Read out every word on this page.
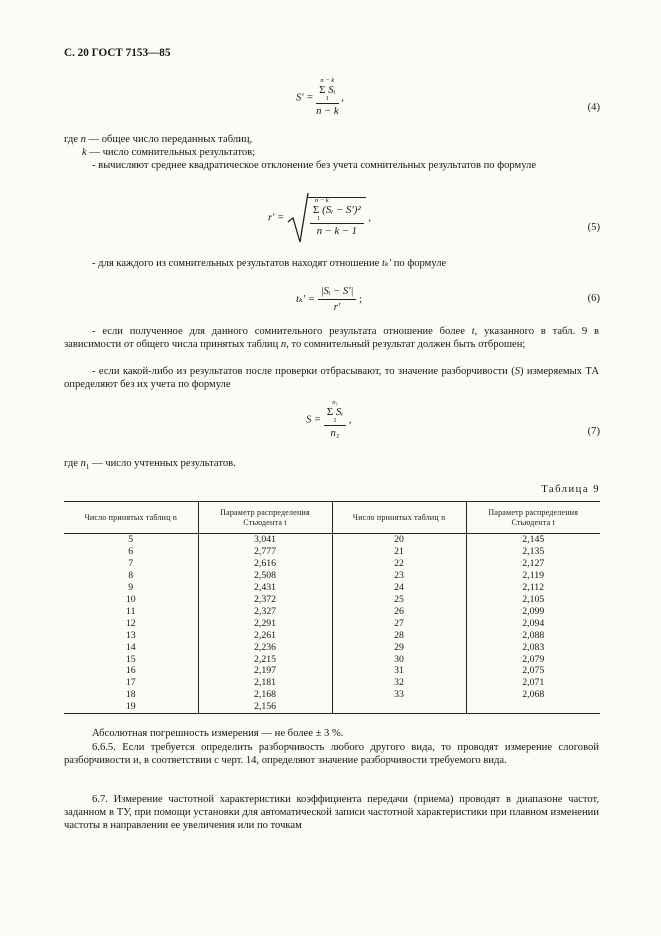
С. 20 ГОСТ 7153—85
S′ = n − k
Σ Sᵢ
1
n − k ,
(4)
где n — общее число переданных таблиц,
k — число сомнительных результатов;
- вычисляют среднее квадратическое отклонение без учета сомнительных результатов по формуле
r′ =	n − k
Σ (Sᵢ − S′)²
1
n − k − 1 ,
(5)
- для каждого из сомнительных результатов находят отношение tₖ′ по формуле
$t_k' = \frac{\text{|Sᵢ − S′|}}{r'}$ ;	(6)
- если полученное для данного сомнительного результата отношение более t, указанного в табл. 9 в зависимости от общего числа принятых таблиц n, то сомнительный результат должен быть отброшен;
- если какой-либо из результатов после проверки отбрасывают, то значение разборчивости (S) измеряемых ТА определяют без их учета по формуле
S = n₁
Σ Sᵢ
1
n₁ ,
(7)
где $n_1$ — число учтенных результатов.
Таблица 9
Число принятых таблиц n	Параметр распределения Стьюдента t	Число принятых таблиц n	Параметр распределения Стьюдента t
5	3,041	20	2,145
6	2,777	21	2,135
7	2,616	22	2,127
8	2,508	23	2,119
9	2,431	24	2,112
10	2,372	25	2,105
11	2,327	26	2,099
12	2,291	27	2,094
13	2,261	28	2,088
14	2,236	29	2,083
15	2,215	30	2,079
16	2,197	31	2,075
17	2,181	32	2,071
18	2,168	33	2,068
19	2,156		
Абсолютная погрешность измерения — не более ± 3 %.
6.6.5. Если требуется определить разборчивость любого другого вида, то проводят измерение слоговой разборчивости и, в соответствии с черт. 14, определяют значение разборчивости требуемого вида.
6.7. Измерение частотной характеристики коэффициента передачи (приема) проводят в диапазоне частот, заданном в ТУ, при помощи установки для автоматической записи частотной характеристики при плавном изменении частоты в направлении ее увеличения или по точкам
